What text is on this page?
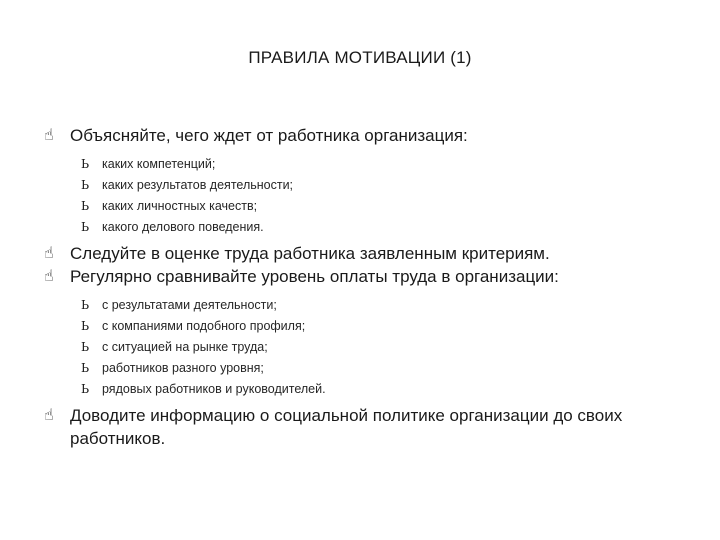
ПРАВИЛА МОТИВАЦИИ (1)
☝ Объясняйте, чего ждет от работника организация:
Ь каких компетенций;
Ь каких результатов деятельности;
Ь каких личностных качеств;
Ь какого делового поведения.
☝ Следуйте в оценке труда работника заявленным критериям.
☝ Регулярно сравнивайте уровень оплаты труда в организации:
Ь с результатами деятельности;
Ь с компаниями подобного профиля;
Ь с ситуацией на рынке труда;
Ь работников разного уровня;
Ь рядовых работников и руководителей.
☝ Доводите информацию о социальной политике организации до своих работников.
